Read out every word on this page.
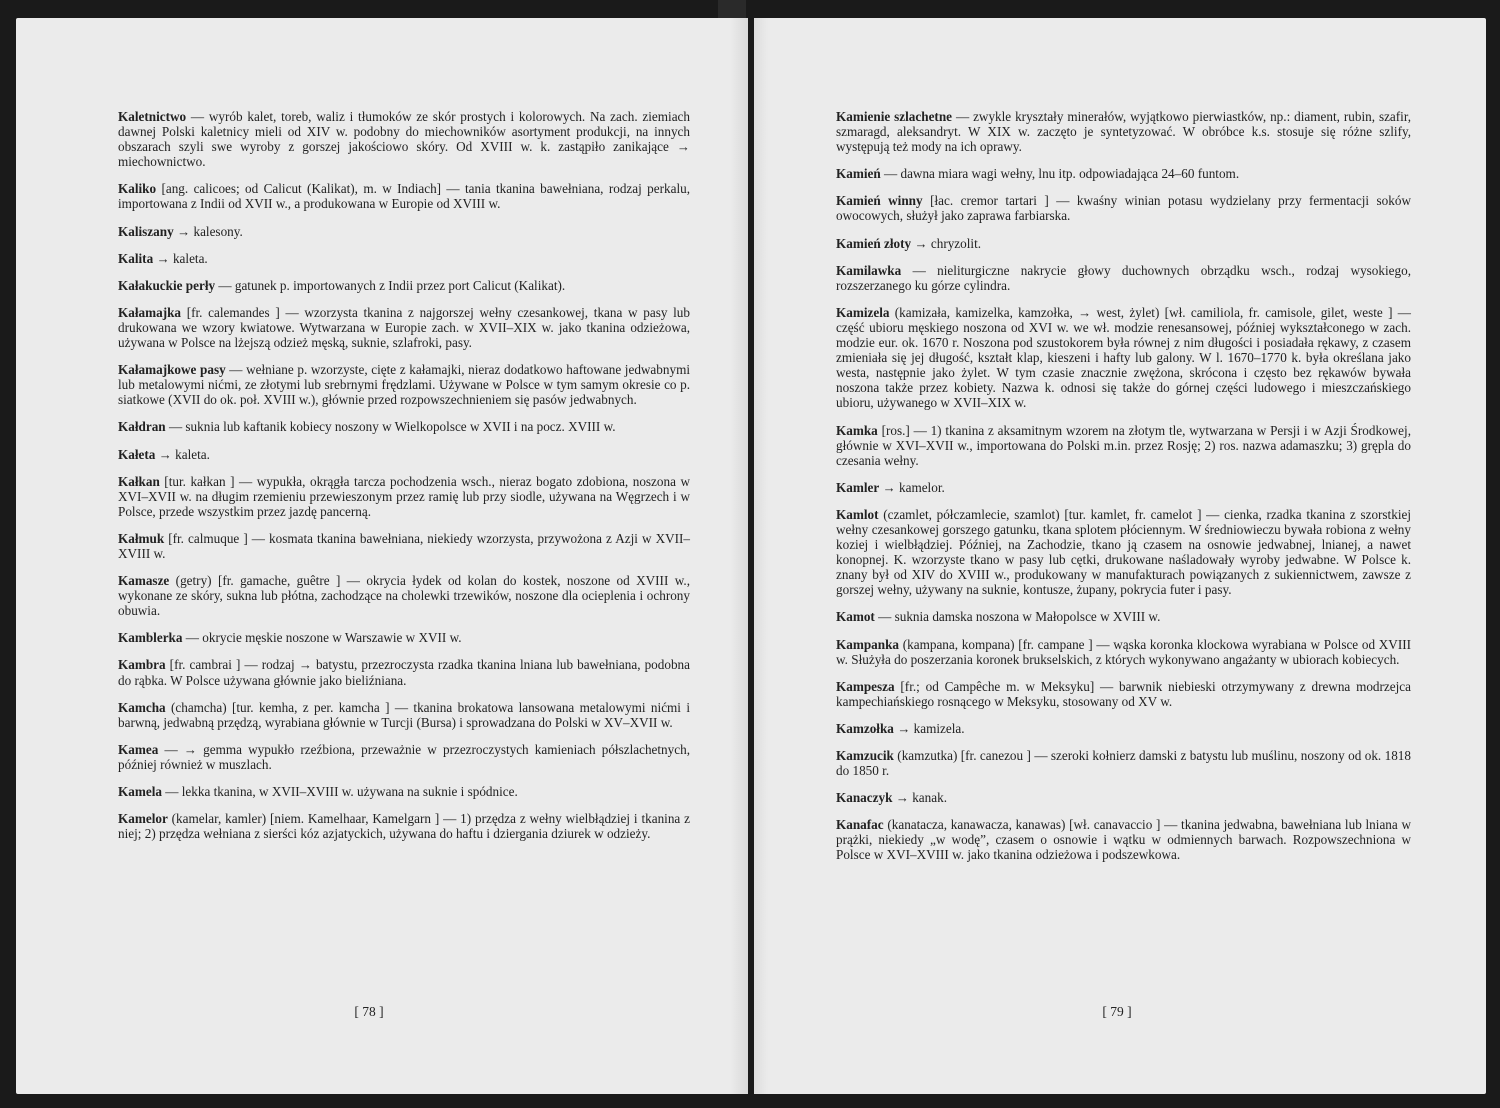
Kaletnictwo — wyrób kalet, toreb, waliz i tłumoków ze skór prostych i kolorowych. Na zach. ziemiach dawnej Polski kaletnicy mieli od XIV w. podobny do miechowników asortyment produkcji, na innych obszarach szyli swe wyroby z gorszej jakościowo skóry. Od XVIII w. k. zastąpiło zanikające → miechownictwo.

Kaliko [ang. calicoes; od Calicut (Kalikat), m. w Indiach] — tania tkanina bawełniana, rodzaj perkalu, importowana z Indii od XVII w., a produkowana w Europie od XVIII w.

Kaliszany → kalesony.

Kalita → kaleta.

Kałakuckie perły — gatunek p. importowanych z Indii przez port Calicut (Kalikat).

Kałamajka [fr. calemandes ] — wzorzysta tkanina z najgorszej wełny czesankowej, tkana w pasy lub drukowana we wzory kwiatowe. Wytwarzana w Europie zach. w XVII–XIX w. jako tkanina odzieżowa, używana w Polsce na lżejszą odzież męską, suknie, szlafroki, pasy.

Kałamajkowe pasy — wełniane p. wzorzyste, cięte z kałamajki, nieraz dodatkowo haftowane jedwabnymi lub metalowymi nićmi, ze złotymi lub srebrnymi frędzlami. Używane w Polsce w tym samym okresie co p. siatkowe (XVII do ok. poł. XVIII w.), głównie przed rozpowszechnieniem się pasów jedwabnych.

Kałdran — suknia lub kaftanik kobiecy noszony w Wielkopolsce w XVII i na pocz. XVIII w.

Kałeta → kaleta.

Kałkan [tur. kałkan ] — wypukła, okrągła tarcza pochodzenia wsch., nieraz bogato zdobiona, noszona w XVI–XVII w. na długim rzemieniu przewieszonym przez ramię lub przy siodle, używana na Węgrzech i w Polsce, przede wszystkim przez jazdę pancerną.

Kałmuk [fr. calmuque ] — kosmata tkanina bawełniana, niekiedy wzorzysta, przywożona z Azji w XVII–XVIII w.

Kamasze (getry) [fr. gamache, guêtre ] — okrycia łydek od kolan do kostek, noszone od XVIII w., wykonane ze skóry, sukna lub płótna, zachodzące na cholewki trzewików, noszone dla ocieplenia i ochrony obuwia.

Kamblerka — okrycie męskie noszone w Warszawie w XVII w.

Kambra [fr. cambrai ] — rodzaj → batystu, przezroczysta rzadka tkanina lniana lub bawełniana, podobna do rąbka. W Polsce używana głównie jako bieliźniana.

Kamcha (chamcha) [tur. kemha, z per. kamcha ] — tkanina brokatowa lansowana metalowymi nićmi i barwną, jedwabną przędzą, wyrabiana głównie w Turcji (Bursa) i sprowadzana do Polski w XV–XVII w.

Kamea — → gemma wypukło rzeźbiona, przeważnie w przezroczystych kamieniach półszlachetnych, później również w muszlach.

Kamela — lekka tkanina, w XVII–XVIII w. używana na suknie i spódnice.

Kamelor (kamelar, kamler) [niem. Kamelhaar, Kamelgarn ] — 1) przędza z wełny wielbłądziej i tkanina z niej; 2) przędza wełniana z sierści kóz azjatyckich, używana do haftu i dziergania dziurek w odzieży.

[ 78 ]

Kamienie szlachetne — zwykle kryształy minerałów, wyjątkowo pierwiastków, np.: diament, rubin, szafir, szmaragd, aleksandryt. W XIX w. zaczęto je syntetyzować. W obróbce k.s. stosuje się różne szlify, występują też mody na ich oprawy.

Kamień — dawna miara wagi wełny, lnu itp. odpowiadająca 24–60 funtom.

Kamień winny [łac. cremor tartari ] — kwaśny winian potasu wydzielany przy fermentacji soków owocowych, służył jako zaprawa farbiarska.

Kamień złoty → chryzolit.

Kamilawka — nieliturgiczne nakrycie głowy duchownych obrządku wsch., rodzaj wysokiego, rozszerzanego ku górze cylindra.

Kamizela (kamizała, kamizelka, kamzołka, → west, żylet) [wł. camiliola, fr. camisole, gilet, weste ] — część ubioru męskiego noszona od XVI w. we wł. modzie renesansowej, później wykształconego w zach. modzie eur. ok. 1670 r. Noszona pod szustokorem była równej z nim długości i posiadała rękawy, z czasem zmieniała się jej długość, kształt klap, kieszeni i hafty lub galony. W l. 1670–1770 k. była określana jako westa, następnie jako żylet. W tym czasie znacznie zwężona, skrócona i często bez rękawów bywała noszona także przez kobiety. Nazwa k. odnosi się także do górnej części ludowego i mieszczańskiego ubioru, używanego w XVII–XIX w.

Kamka [ros.] — 1) tkanina z aksamitnym wzorem na złotym tle, wytwarzana w Persji i w Azji Środkowej, głównie w XVI–XVII w., importowana do Polski m.in. przez Rosję; 2) ros. nazwa adamaszku; 3) grępla do czesania wełny.

Kamler → kamelor.

Kamlot (czamlet, półczamlecie, szamlot) [tur. kamlet, fr. camelot ] — cienka, rzadka tkanina z szorstkiej wełny czesankowej gorszego gatunku, tkana splotem płóciennym. W średniowieczu bywała robiona z wełny koziej i wielbłądziej. Później, na Zachodzie, tkano ją czasem na osnowie jedwabnej, lnianej, a nawet konopnej. K. wzorzyste tkano w pasy lub cętki, drukowane naśladowały wyroby jedwabne. W Polsce k. znany był od XIV do XVIII w., produkowany w manufakturach powiązanych z sukiennictwem, zawsze z gorszej wełny, używany na suknie, kontusze, żupany, pokrycia futer i pasy.

Kamot — suknia damska noszona w Małopolsce w XVIII w.

Kampanka (kampana, kompana) [fr. campane ] — wąska koronka klockowa wyrabiana w Polsce od XVIII w. Służyła do poszerzania koronek brukselskich, z których wykonywano angażanty w ubiorach kobiecych.

Kampesza [fr.; od Campêche m. w Meksyku] — barwnik niebieski otrzymywany z drewna modrzejca kampechiańskiego rosnącego w Meksyku, stosowany od XV w.

Kamzołka → kamizela.

Kamzucik (kamzutka) [fr. canezou ] — szeroki kołnierz damski z batystu lub muślinu, noszony od ok. 1818 do 1850 r.

Kanaczyk → kanak.

Kanafac (kanatacza, kanawacza, kanawas) [wł. canavaccio ] — tkanina jedwabna, bawełniana lub lniana w prążki, niekiedy „w wodę”, czasem o osnowie i wątku w odmiennych barwach. Rozpowszechniona w Polsce w XVI–XVIII w. jako tkanina odzieżowa i podszewkowa.

[ 79 ]
